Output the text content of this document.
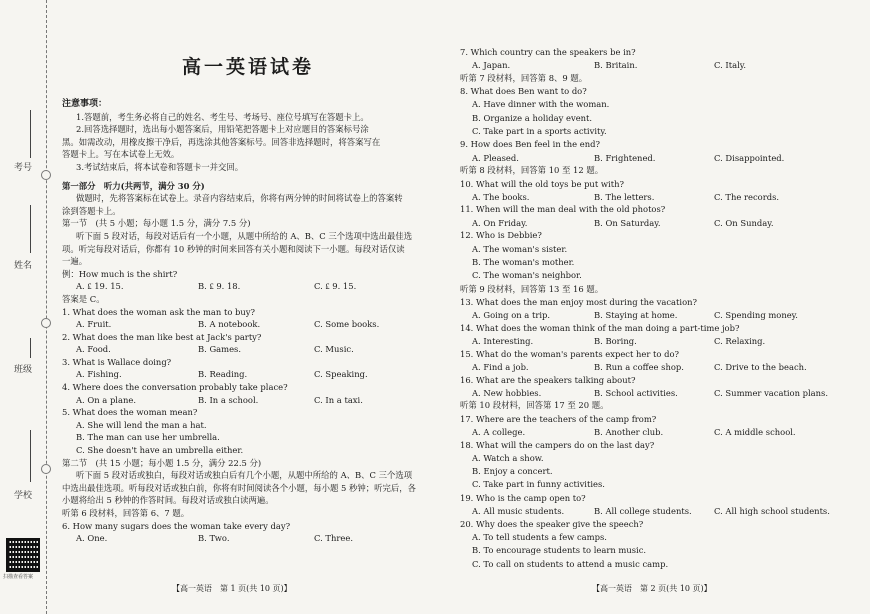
考号
姓名
班级
学校
扫描查看答案
高一英语试卷
注意事项：
1.答题前，考生务必将自己的姓名、考生号、考场号、座位号填写在答题卡上。
2.回答选择题时，选出每小题答案后，用铅笔把答题卡上对应题目的答案标号涂
黑。如需改动，用橡皮擦干净后，再选涂其他答案标号。回答非选择题时，将答案写在
答题卡上。写在本试卷上无效。
3.考试结束后，将本试卷和答题卡一并交回。
第一部分　听力(共两节，满分 30 分)
做题时，先将答案标在试卷上。录音内容结束后，你将有两分钟的时间将试卷上的答案转
涂到答题卡上。
第一节　(共 5 小题；每小题 1.5 分，满分 7.5 分)
听下面 5 段对话，每段对话后有一个小题，从题中所给的 A、B、C 三个选项中选出最佳选
项。听完每段对话后，你都有 10 秒钟的时间来回答有关小题和阅读下一小题。每段对话仅读
一遍。
例：How much is the shirt?
A. ₤ 19. 15.	B. ₤ 9. 18.	C. ₤ 9. 15.
答案是 C。
1. What does the woman ask the man to buy?
A. Fruit.	B. A notebook.	C. Some books.
2. What does the man like best at Jack's party?
A. Food.	B. Games.	C. Music.
3. What is Wallace doing?
A. Fishing.	B. Reading.	C. Speaking.
4. Where does the conversation probably take place?
A. On a plane.	B. In a school.	C. In a taxi.
5. What does the woman mean?
A. She will lend the man a hat.
B. The man can use her umbrella.
C. She doesn't have an umbrella either.
第二节　(共 15 小题；每小题 1.5 分，满分 22.5 分)
听下面 5 段对话或独白，每段对话或独白后有几个小题，从题中所给的 A、B、C 三个选项
中选出最佳选项。听每段对话或独白前，你将有时间阅读各个小题，每小题 5 秒钟；听完后，各
小题将给出 5 秒钟的作答时间。每段对话或独白读两遍。
听第 6 段材料，回答第 6、7 题。
6. How many sugars does the woman take every day?
A. One.	B. Two.	C. Three.
7. Which country can the speakers be in?
A. Japan.	B. Britain.	C. Italy.
听第 7 段材料，回答第 8、9 题。
8. What does Ben want to do?
A. Have dinner with the woman.
B. Organize a holiday event.
C. Take part in a sports activity.
9. How does Ben feel in the end?
A. Pleased.	B. Frightened.	C. Disappointed.
听第 8 段材料，回答第 10 至 12 题。
10. What will the old toys be put with?
A. The books.	B. The letters.	C. The records.
11. When will the man deal with the old photos?
A. On Friday.	B. On Saturday.	C. On Sunday.
12. Who is Debbie?
A. The woman's sister.
B. The woman's mother.
C. The woman's neighbor.
听第 9 段材料，回答第 13 至 16 题。
13. What does the man enjoy most during the vacation?
A. Going on a trip.	B. Staying at home.	C. Spending money.
14. What does the woman think of the man doing a part-time job?
A. Interesting.	B. Boring.	C. Relaxing.
15. What do the woman's parents expect her to do?
A. Find a job.	B. Run a coffee shop.	C. Drive to the beach.
16. What are the speakers talking about?
A. New hobbies.	B. School activities.	C. Summer vacation plans.
听第 10 段材料，回答第 17 至 20 题。
17. Where are the teachers of the camp from?
A. A college.	B. Another club.	C. A middle school.
18. What will the campers do on the last day?
A. Watch a show.
B. Enjoy a concert.
C. Take part in funny activities.
19. Who is the camp open to?
A. All music students.	B. All college students.	C. All high school students.
20. Why does the speaker give the speech?
A. To tell students a few camps.
B. To encourage students to learn music.
C. To call on students to attend a music camp.
【高一英语　第 1 页(共 10 页)】	【高一英语　第 2 页(共 10 页)】
